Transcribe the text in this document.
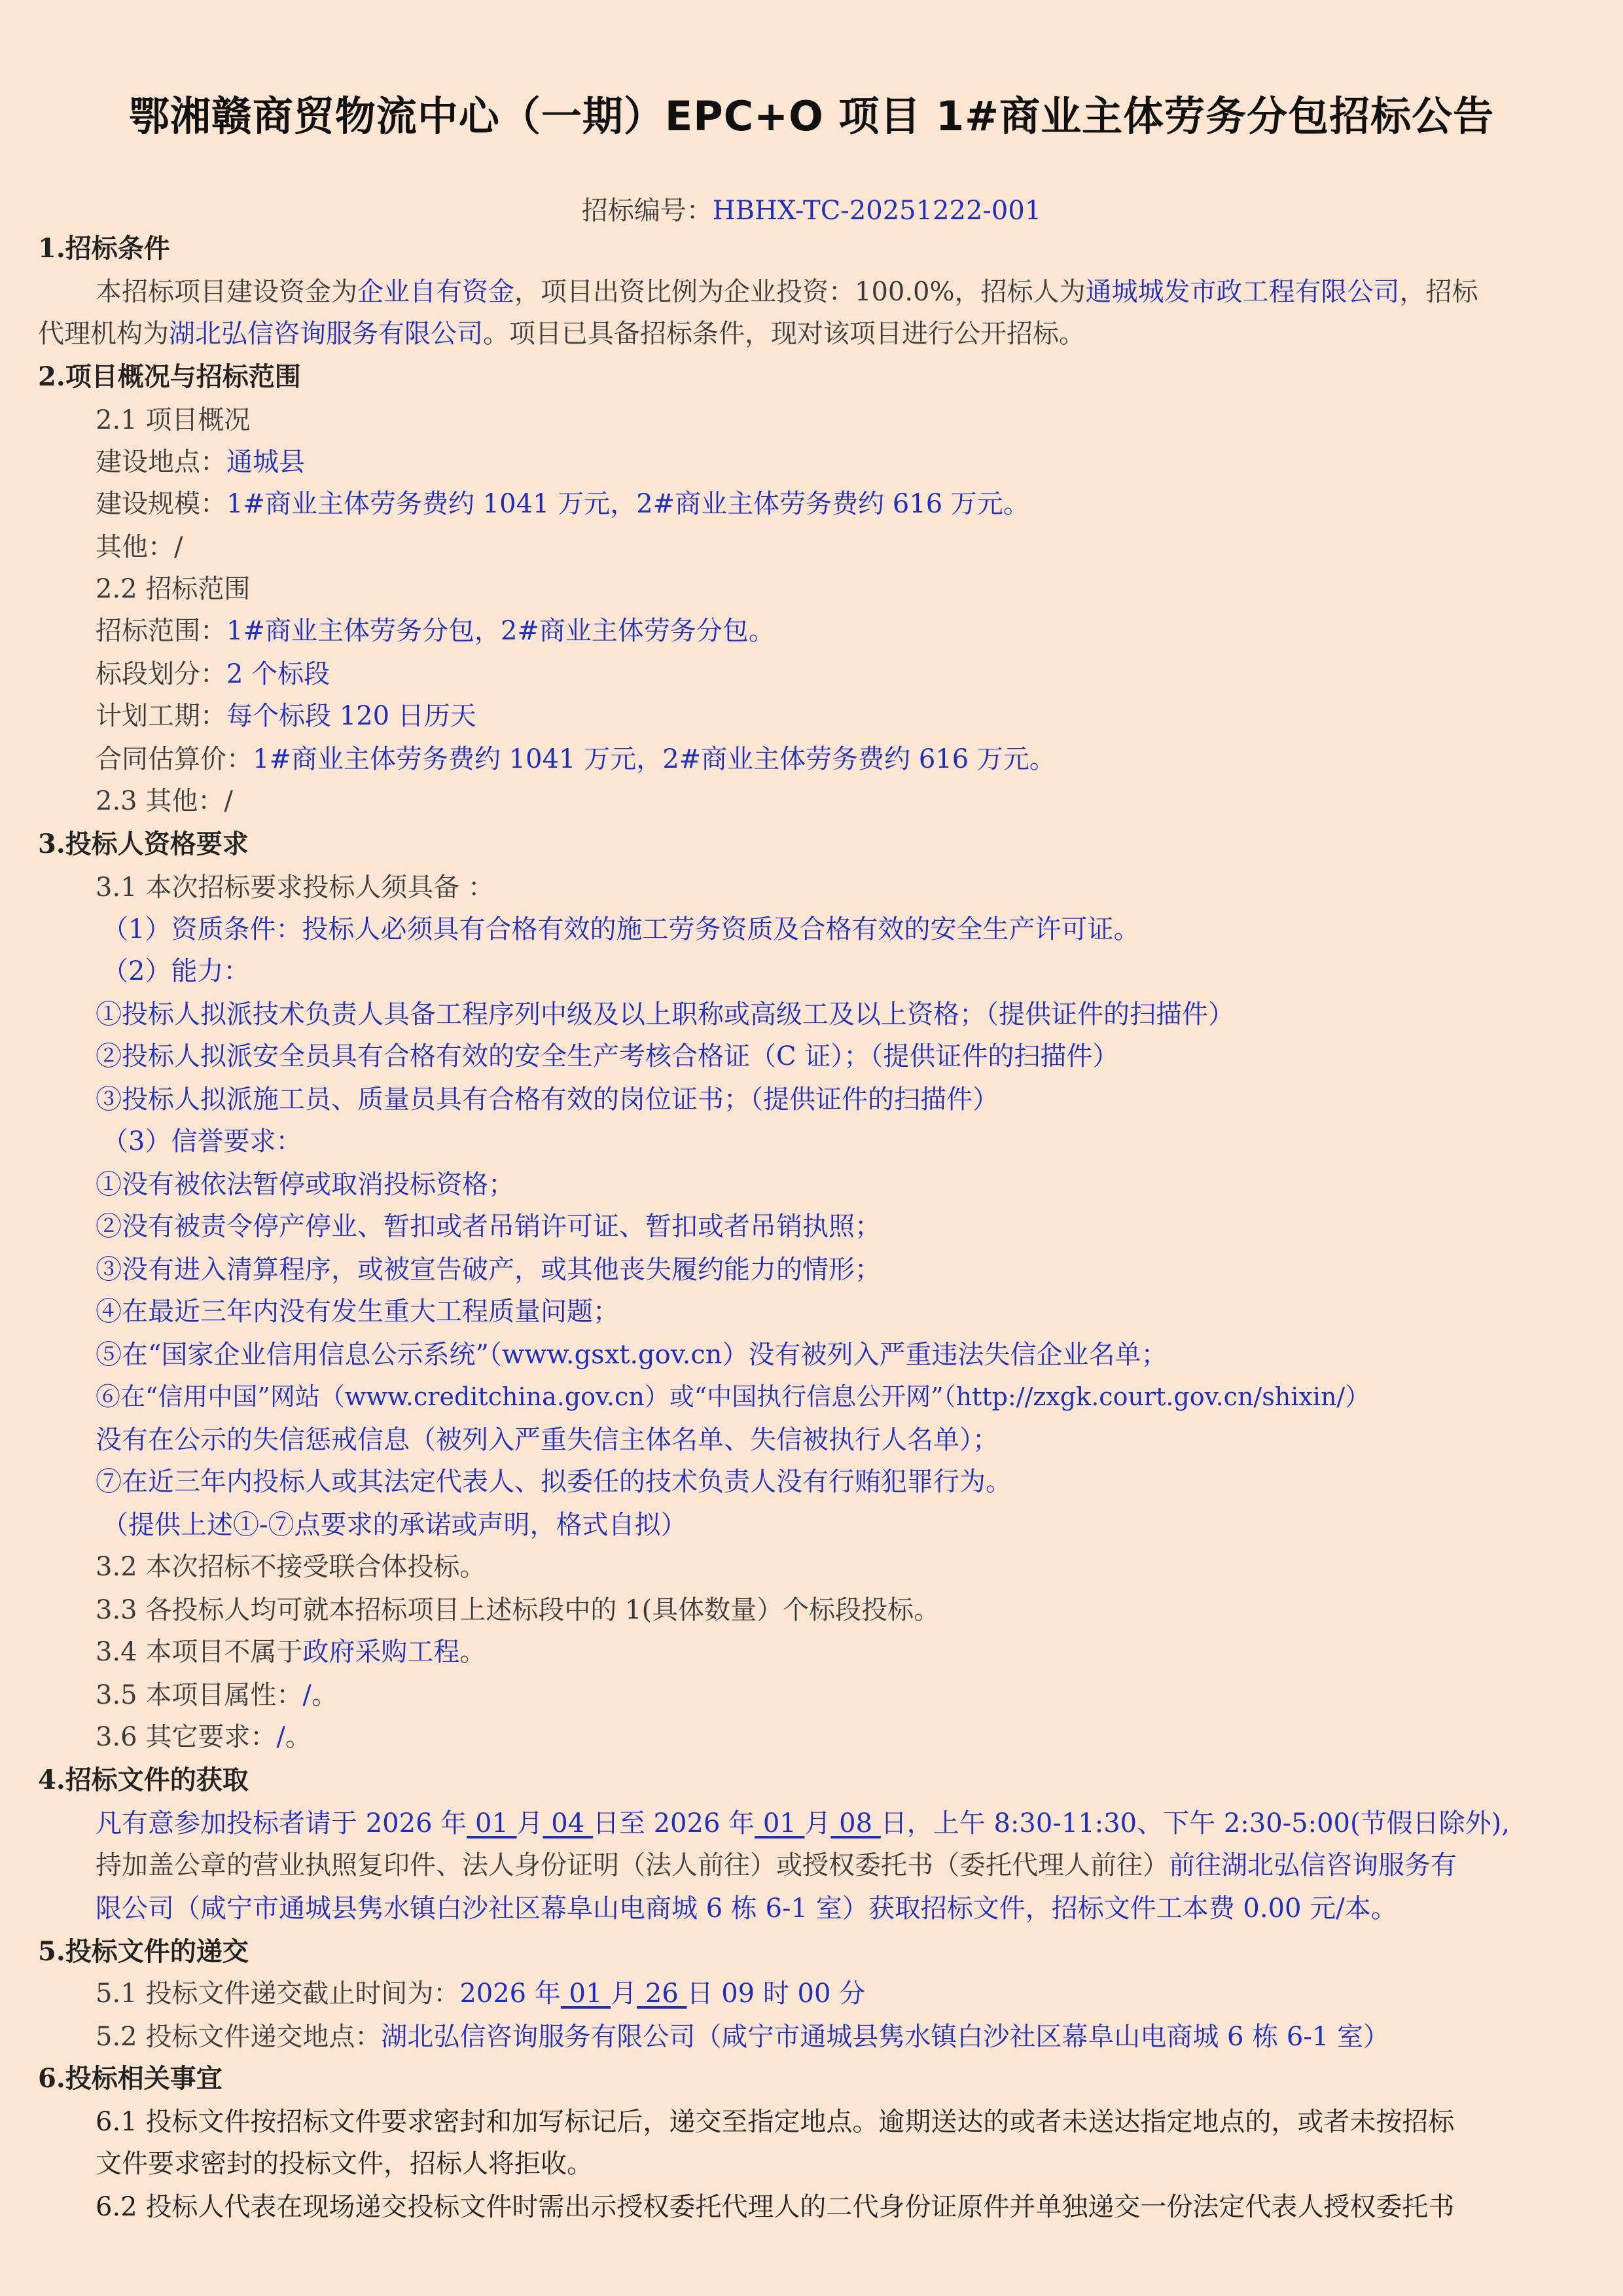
鄂湘赣商贸物流中心（一期）EPC+O 项目 1#商业主体劳务分包招标公告
招标编号：HBHX-TC-20251222-001
1.招标条件
本招标项目建设资金为企业自有资金，项目出资比例为企业投资：100.0%，招标人为通城城发市政工程有限公司，招标
代理机构为湖北弘信咨询服务有限公司。项目已具备招标条件，现对该项目进行公开招标。
2.项目概况与招标范围
2.1 项目概况
建设地点：通城县
建设规模：1#商业主体劳务费约 1041 万元，2#商业主体劳务费约 616 万元。
其他：/
2.2 招标范围
招标范围：1#商业主体劳务分包，2#商业主体劳务分包。
标段划分：2 个标段
计划工期：每个标段 120 日历天
合同估算价：1#商业主体劳务费约 1041 万元，2#商业主体劳务费约 616 万元。
2.3 其他：/
3.投标人资格要求
3.1 本次招标要求投标人须具备 ：
（1）资质条件：投标人必须具有合格有效的施工劳务资质及合格有效的安全生产许可证。
（2）能力：
①投标人拟派技术负责人具备工程序列中级及以上职称或高级工及以上资格；（提供证件的扫描件）
②投标人拟派安全员具有合格有效的安全生产考核合格证（C 证）；（提供证件的扫描件）
③投标人拟派施工员、质量员具有合格有效的岗位证书；（提供证件的扫描件）
（3）信誉要求：
①没有被依法暂停或取消投标资格；
②没有被责令停产停业、暂扣或者吊销许可证、暂扣或者吊销执照；
③没有进入清算程序，或被宣告破产，或其他丧失履约能力的情形；
④在最近三年内没有发生重大工程质量问题；
⑤在“国家企业信用信息公示系统”（www.gsxt.gov.cn）没有被列入严重违法失信企业名单；
⑥在“信用中国”网站（www.creditchina.gov.cn）或“中国执行信息公开网”（http://zxgk.court.gov.cn/shixin/）
没有在公示的失信惩戒信息（被列入严重失信主体名单、失信被执行人名单）；
⑦在近三年内投标人或其法定代表人、拟委任的技术负责人没有行贿犯罪行为。
（提供上述①-⑦点要求的承诺或声明，格式自拟）
3.2 本次招标不接受联合体投标。
3.3 各投标人均可就本招标项目上述标段中的 1(具体数量）个标段投标。
3.4 本项目不属于政府采购工程。
3.5 本项目属性：/。
3.6 其它要求：/。
4.招标文件的获取
凡有意参加投标者请于 2026 年 01 月 04 日至 2026 年 01 月 08 日，上午 8:30-11:30、下午 2:30-5:00(节假日除外),
持加盖公章的营业执照复印件、法人身份证明（法人前往）或授权委托书（委托代理人前往）前往湖北弘信咨询服务有
限公司（咸宁市通城县隽水镇白沙社区幕阜山电商城 6 栋 6-1 室）获取招标文件，招标文件工本费 0.00 元/本。
5.投标文件的递交
5.1 投标文件递交截止时间为：2026 年 01 月 26 日 09 时 00 分
5.2 投标文件递交地点：湖北弘信咨询服务有限公司（咸宁市通城县隽水镇白沙社区幕阜山电商城 6 栋 6-1 室）
6.投标相关事宜
6.1 投标文件按招标文件要求密封和加写标记后，递交至指定地点。逾期送达的或者未送达指定地点的，或者未按招标
文件要求密封的投标文件，招标人将拒收。
6.2 投标人代表在现场递交投标文件时需出示授权委托代理人的二代身份证原件并单独递交一份法定代表人授权委托书
